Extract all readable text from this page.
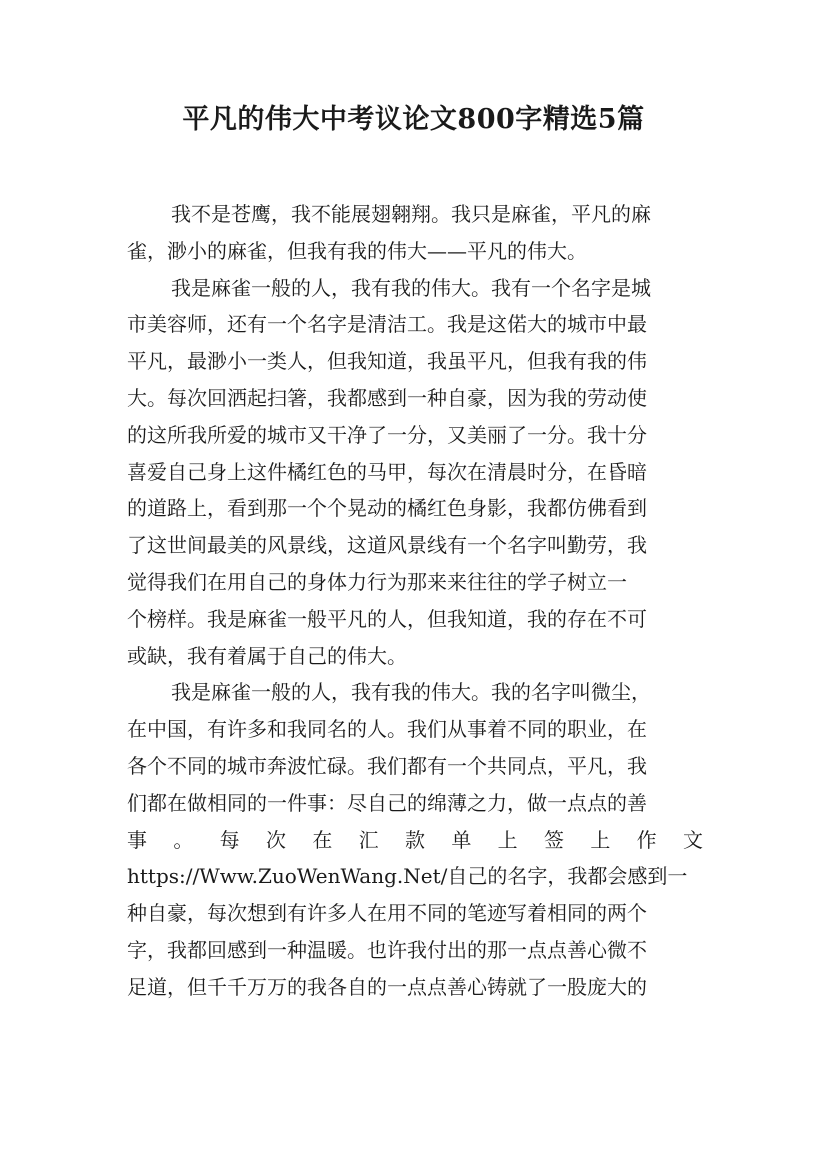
平凡的伟大中考议论文800字精选5篇
我不是苍鹰，我不能展翅翱翔。我只是麻雀，平凡的麻
雀，渺小的麻雀，但我有我的伟大——平凡的伟大。
我是麻雀一般的人，我有我的伟大。我有一个名字是城
市美容师，还有一个名字是清洁工。我是这偌大的城市中最
平凡，最渺小一类人，但我知道，我虽平凡，但我有我的伟
大。每次回洒起扫箸，我都感到一种自豪，因为我的劳动使
的这所我所爱的城市又干净了一分，又美丽了一分。我十分
喜爱自己身上这件橘红色的马甲，每次在清晨时分，在昏暗
的道路上，看到那一个个晃动的橘红色身影，我都仿佛看到
了这世间最美的风景线，这道风景线有一个名字叫勤劳，我
觉得我们在用自己的身体力行为那来来往往的学子树立一
个榜样。我是麻雀一般平凡的人，但我知道，我的存在不可
或缺，我有着属于自己的伟大。
我是麻雀一般的人，我有我的伟大。我的名字叫微尘，
在中国，有许多和我同名的人。我们从事着不同的职业，在
各个不同的城市奔波忙碌。我们都有一个共同点，平凡，我
们都在做相同的一件事：尽自己的绵薄之力，做一点点的善
事 。 每 次 在 汇 款 单 上 签 上 作 文
https://Www.ZuoWenWang.Net/自己的名字，我都会感到一
种自豪，每次想到有许多人在用不同的笔迹写着相同的两个
字，我都回感到一种温暖。也许我付出的那一点点善心微不
足道，但千千万万的我各自的一点点善心铸就了一股庞大的
